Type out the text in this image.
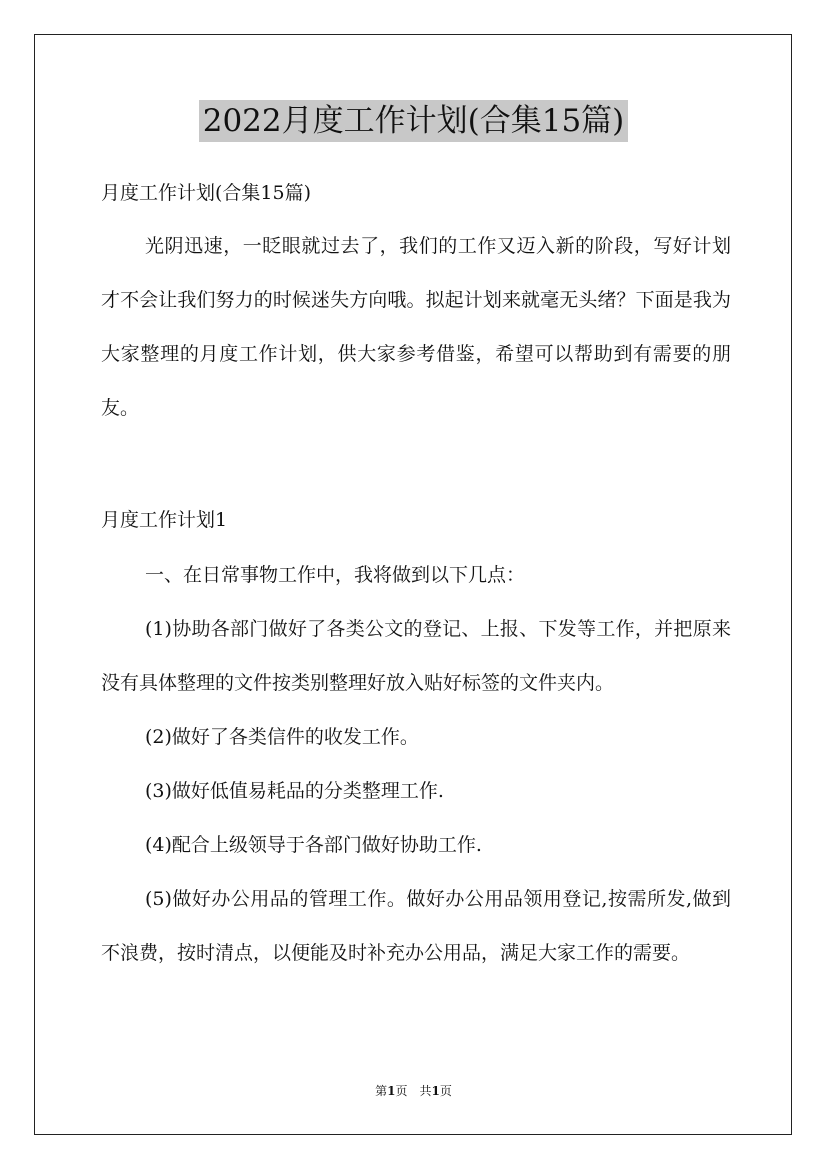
2022月度工作计划(合集15篇)

月度工作计划(合集15篇)

光阴迅速，一眨眼就过去了，我们的工作又迈入新的阶段，写好计划才不会让我们努力的时候迷失方向哦。拟起计划来就毫无头绪？下面是我为大家整理的月度工作计划，供大家参考借鉴，希望可以帮助到有需要的朋友。

月度工作计划1

一、在日常事物工作中，我将做到以下几点：

(1)协助各部门做好了各类公文的登记、上报、下发等工作，并把原来没有具体整理的文件按类别整理好放入贴好标签的文件夹内。

(2)做好了各类信件的收发工作。

(3)做好低值易耗品的分类整理工作.

(4)配合上级领导于各部门做好协助工作.

(5)做好办公用品的管理工作。做好办公用品领用登记,按需所发,做到不浪费，按时清点，以便能及时补充办公用品，满足大家工作的需要。

第1页　共1页
